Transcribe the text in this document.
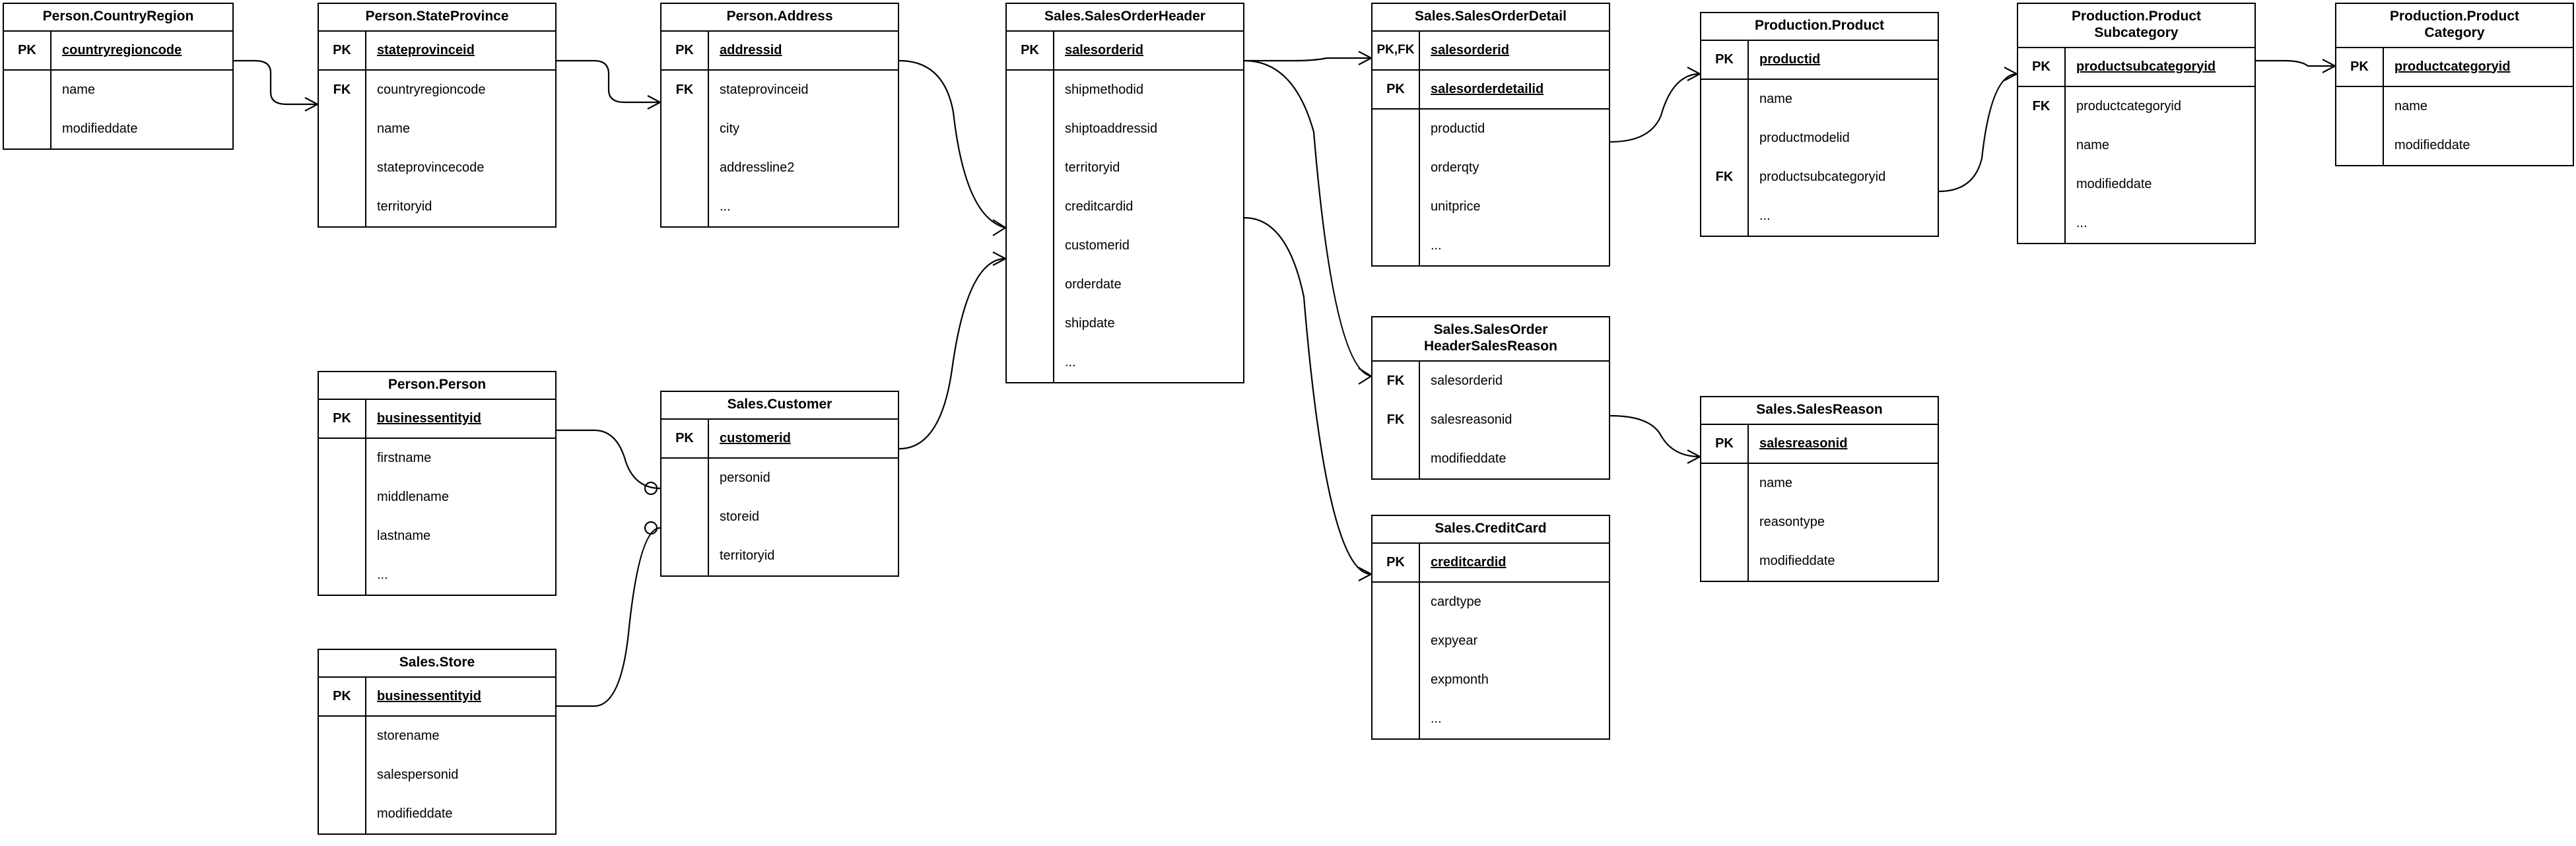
Person.CountryRegion
PK	countryregioncode
name
modifieddate
Person.StateProvince
PK	stateprovinceid
FK	countryregioncode
name
stateprovincecode
territoryid
Person.Address
PK	addressid
FK	stateprovinceid
city
addressline2
...
Sales.SalesOrderHeader
PK	salesorderid
shipmethodid
shiptoaddressid
territoryid
creditcardid
customerid
orderdate
shipdate
...
Sales.SalesOrderDetail
PK, FK	salesorderid
PK	salesorderdetailid
productid
orderqty
unitprice
...
Production.Product
PK	productid
name
productmodelid
FK	productsubcategoryid
...
Production.Product
Subcategory
PK	productsubcategoryid
FK	productcategoryid
name
modifieddate
...
Production.Product
Category
PK	productcategoryid
name
modifieddate
Sales.SalesOrder
HeaderSalesReason
FK	salesorderid
FK	salesreasonid
modifieddate
Sales.SalesReason
PK	salesreasonid
name
reasontype
modifieddate
Sales.CreditCard
PK	creditcardid
cardtype
expyear
expmonth
...
Person.Person
PK	businessentityid
firstname
middlename
lastname
...
Sales.Customer
PK	customerid
personid
storeid
territoryid
Sales.Store
PK	businessentityid
storename
salespersonid
modifieddate
